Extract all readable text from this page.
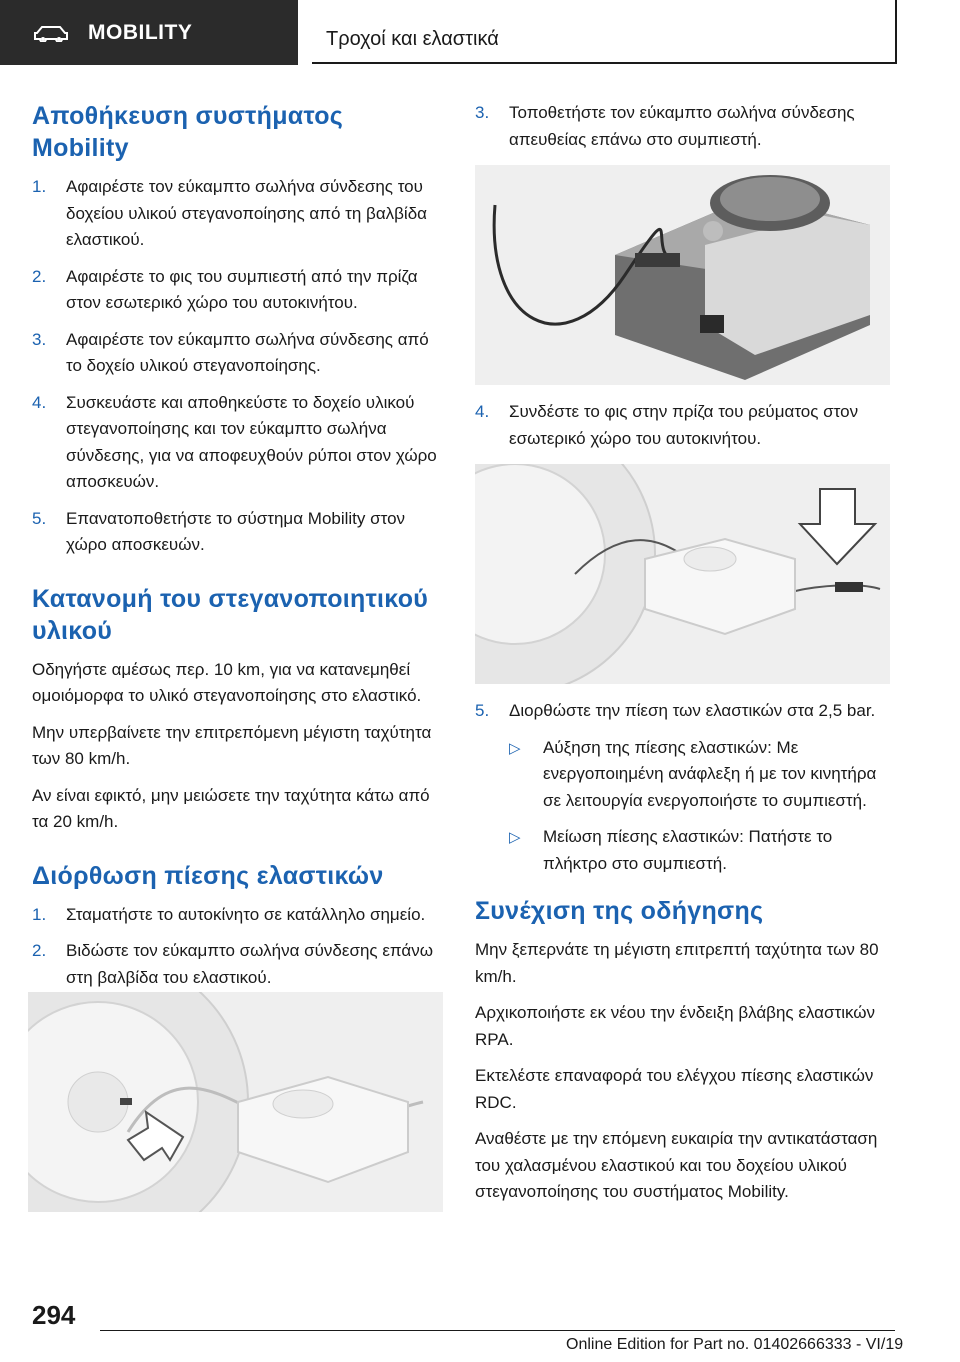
MOBILITY	Τροχοί και ελαστικά
Αποθήκευση συστήματος Mobility
1. Αφαιρέστε τον εύκαμπτο σωλήνα σύνδεσης του δοχείου υλικού στεγανοποίησης από τη βαλβίδα ελαστικού.
2. Αφαιρέστε το φις του συμπιεστή από την πρίζα στον εσωτερικό χώρο του αυτοκινήτου.
3. Αφαιρέστε τον εύκαμπτο σωλήνα σύνδεσης από το δοχείο υλικού στεγανοποίησης.
4. Συσκευάστε και αποθηκεύστε το δοχείο υλικού στεγανοποίησης και τον εύκαμπτο σωλήνα σύνδεσης, για να αποφευχθούν ρύποι στον χώρο αποσκευών.
5. Επανατοποθετήστε το σύστημα Mobility στον χώρο αποσκευών.
Κατανομή του στεγανοποιητικού υλικού

Οδηγήστε αμέσως περ. 10 km, για να κατανεμηθεί ομοιόμορφα το υλικό στεγανοποίησης στο ελαστικό.

Μην υπερβαίνετε την επιτρεπόμενη μέγιστη ταχύτητα των 80 km/h.

Αν είναι εφικτό, μην μειώσετε την ταχύτητα κάτω από τα 20 km/h.

Διόρθωση πίεσης ελαστικών
1. Σταματήστε το αυτοκίνητο σε κατάλληλο σημείο.
2. Βιδώστε τον εύκαμπτο σωλήνα σύνδεσης επάνω στη βαλβίδα του ελαστικού.
3. Τοποθετήστε τον εύκαμπτο σωλήνα σύνδεσης απευθείας επάνω στο συμπιεστή.
4. Συνδέστε το φις στην πρίζα του ρεύματος στον εσωτερικό χώρο του αυτοκινήτου.
5. Διορθώστε την πίεση των ελαστικών στα 2,5 bar.
▷ Αύξηση της πίεσης ελαστικών: Με ενεργοποιημένη ανάφλεξη ή με τον κινητήρα σε λειτουργία ενεργοποιήστε το συμπιεστή.
▷ Μείωση πίεσης ελαστικών: Πατήστε το πλήκτρο στο συμπιεστή.
Συνέχιση της οδήγησης

Μην ξεπερνάτε τη μέγιστη επιτρεπτή ταχύτητα των 80 km/h.

Αρχικοποιήστε εκ νέου την ένδειξη βλάβης ελαστικών RPA.

Εκτελέστε επαναφορά του ελέγχου πίεσης ελαστικών RDC.

Αναθέστε με την επόμενη ευκαιρία την αντικατάσταση του χαλασμένου ελαστικού και του δοχείου υλικού στεγανοποίησης του συστήματος Mobility.

294
Online Edition for Part no. 01402666333 - VI/19
